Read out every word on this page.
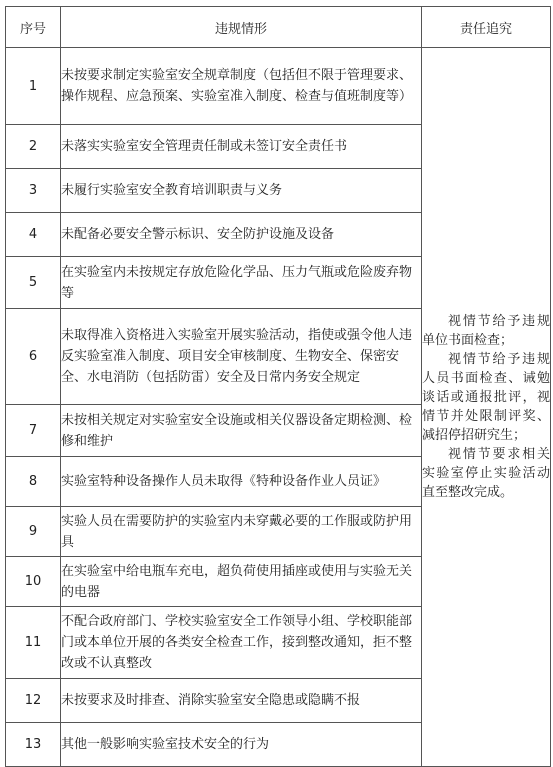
序号	违规情形	责任追究
1	未按要求制定实验室安全规章制度（包括但不限于管理要求、操作规程、应急预案、实验室准入制度、检查与值班制度等）	视情节给予违规单位书面检查；

视情节给予违规人员书面检查、诫勉谈话或通报批评，视情节并处限制评奖、减招停招研究生；

视情节要求相关实验室停止实验活动直至整改完成。

2	未落实实验室安全管理责任制或未签订安全责任书	
3	未履行实验室安全教育培训职责与义务	
4	未配备必要安全警示标识、安全防护设施及设备	
5	在实验室内未按规定存放危险化学品、压力气瓶或危险废弃物等	
6	未取得准入资格进入实验室开展实验活动，指使或强令他人违反实验室准入制度、项目安全审核制度、生物安全、保密安全、水电消防（包括防雷）安全及日常内务安全规定	
7	未按相关规定对实验室安全设施或相关仪器设备定期检测、检修和维护	
8	实验室特种设备操作人员未取得《特种设备作业人员证》	
9	实验人员在需要防护的实验室内未穿戴必要的工作服或防护用具	
10	在实验室中给电瓶车充电，超负荷使用插座或使用与实验无关的电器	
11	不配合政府部门、学校实验室安全工作领导小组、学校职能部门或本单位开展的各类安全检查工作，接到整改通知，拒不整改或不认真整改	
12	未按要求及时排查、消除实验室安全隐患或隐瞒不报	
13	其他一般影响实验室技术安全的行为	
